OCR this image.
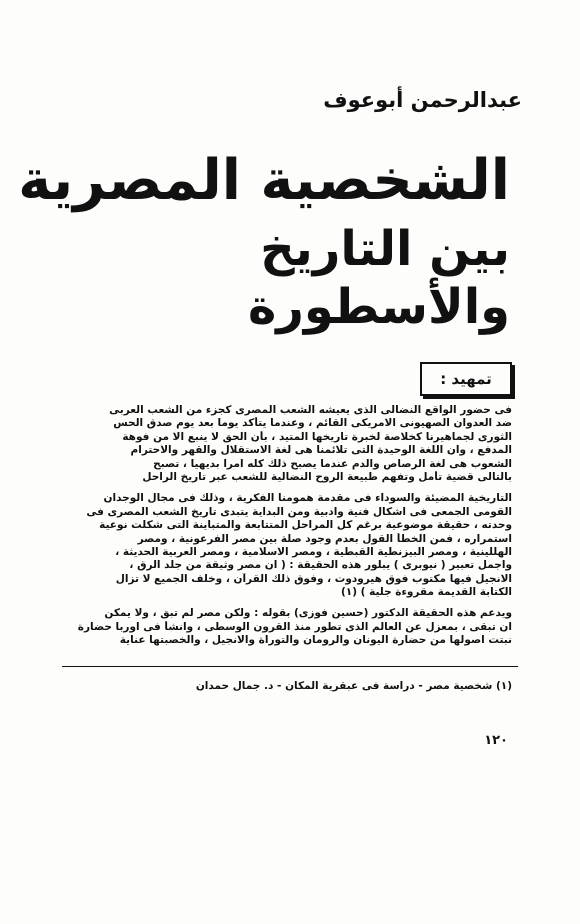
عبدالرحمن أبوعوف
الشخصية المصرية
بين التاريخ
والأسطورة
تمهيد :
فى حضور الواقع النضالى الذى يعيشه الشعب المصرى كجزء من الشعب العربى
ضد العدوان الصهيونى الامريكى القائم ، وعندما يتأكد يوما بعد يوم صدق الحس
الثورى لجماهيرنا كخلاصة لخبرة تاريخها المتيد ، بأن الحق لا ينبع الا من فوهة
المدفع ، وان اللغة الوحيدة التى تلائمنا هى لغة الاستقلال والقهر والاحترام
الشعوب هى لغة الرصاص والدم عندما يصبح ذلك كله امرا بديهيا ، تصبح
بالتالى قضية تأمل وتفهم طبيعة الروح النضالية للشعب عبر تاريخ الراحل
التاريخية المضيئة والسوداء فى مقدمة همومنا الفكرية ، وذلك فى مجال الوجدان
القومى الجمعى فى اشكال فنية وادبية ومن البداية يتبدى تاريخ الشعب المصرى فى
وحدته ، حقيقة موضوعية برغم كل المراحل المتتابعة والمتباينة التى شكلت نوعية
استمراره ، فمن الخطأ القول بعدم وجود صلة بين مصر الفرعونية ، ومصر
الهللينية ، ومصر البيزنطية القبطية ، ومصر الاسلامية ، ومصر العربية الحديثة ،
واجمل تعبير ( نيوبرى ) يبلور هذه الحقيقة : ( ان مصر وثيقة من جلد الرق ،
الانجيل فيها مكتوب فوق هيرودوت ، وفوق ذلك القرآن ، وخلف الجميع لا تزال
الكتابة القديمة مقروءة جلية ) (١)
ويدعم هذه الحقيقة الدكتور (حسين فوزى) بقوله : ولكن مصر لم تبق ، ولا يمكن
ان تبقى ، بمعزل عن العالم الذى تطور منذ القرون الوسطى ، وانشأ فى اوربا حضارة
نبتت اصولها من حضارة اليونان والرومان والتوراة والانجيل ، والخصبتها عناية
(١) شخصية مصر - دراسة فى عبقرية المكان - د. جمال حمدان
١٢٠
